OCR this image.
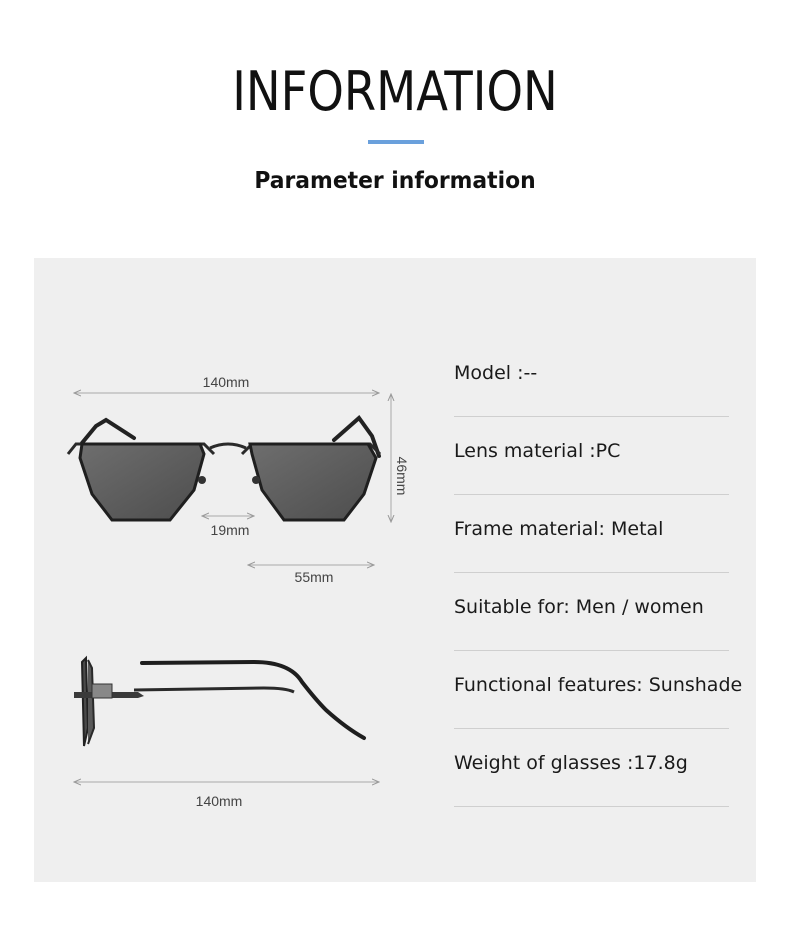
INFORMATION
Parameter information
140mm
46mm
19mm
55mm
140mm
Model :--
Lens material :PC
Frame material: Metal
Suitable for: Men / women
Functional features: Sunshade
Weight of glasses :17.8g
